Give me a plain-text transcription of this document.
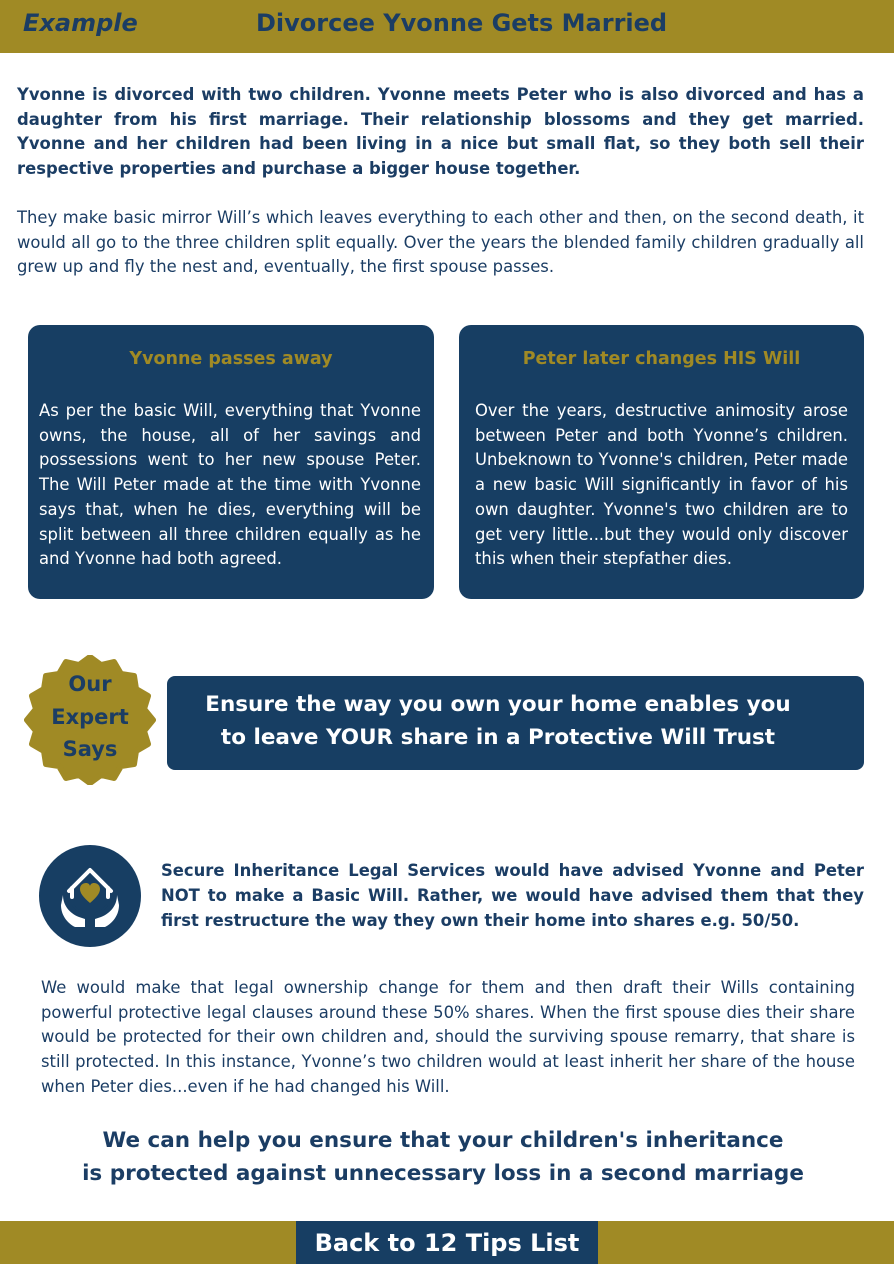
Example	Divorcee Yvonne Gets Married

Yvonne is divorced with two children. Yvonne meets Peter who is also divorced and has a daughter from his first marriage. Their relationship blossoms and they get married. Yvonne and her children had been living in a nice but small flat, so they both sell their respective properties and purchase a bigger house together.

They make basic mirror Will’s which leaves everything to each other and then, on the second death, it would all go to the three children split equally. Over the years the blended family children gradually all grew up and fly the nest and, eventually, the first spouse passes.

Yvonne passes away

As per the basic Will, everything that Yvonne owns, the house, all of her savings and possessions went to her new spouse Peter. The Will Peter made at the time with Yvonne says that, when he dies, everything will be split between all three children equally as he and Yvonne had both agreed.

Peter later changes HIS Will

Over the years, destructive animosity arose between Peter and both Yvonne’s children. Unbeknown to Yvonne's children, Peter made a new basic Will significantly in favor of his own daughter. Yvonne's two children are to get very little...but they would only discover this when their stepfather dies.

Our
Expert
Says
Ensure the way you own your home enables you
to leave YOUR share in a Protective Will Trust

Secure Inheritance Legal Services would have advised Yvonne and Peter NOT to make a Basic Will. Rather, we would have advised them that they first restructure the way they own their home into shares e.g. 50/50.

We would make that legal ownership change for them and then draft their Wills containing powerful protective legal clauses around these 50% shares. When the first spouse dies their share would be protected for their own children and, should the surviving spouse remarry, that share is still protected. In this instance, Yvonne’s two children would at least inherit her share of the house when Peter dies...even if he had changed his Will.

We can help you ensure that your children's inheritance
is protected against unnecessary loss in a second marriage
Back to 12 Tips List
